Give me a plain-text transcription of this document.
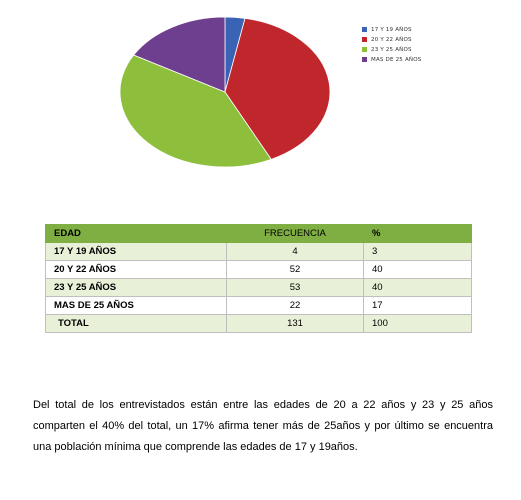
17 Y 19 AÑOS
20 Y 22 AÑOS
23 Y 25 AÑOS
MAS DE 25 AÑOS
EDAD	FRECUENCIA	%
17 Y 19 AÑOS	4	3
20 Y 22 AÑOS	52	40
23 Y 25 AÑOS	53	40
MAS DE 25 AÑOS	22	17
TOTAL	131	100

Del total de los entrevistados están entre las edades de 20 a 22 años y 23 y 25 años comparten el 40% del total, un 17% afirma tener más de 25años y por último se encuentra una población mínima que comprende las edades de 17 y 19años.
